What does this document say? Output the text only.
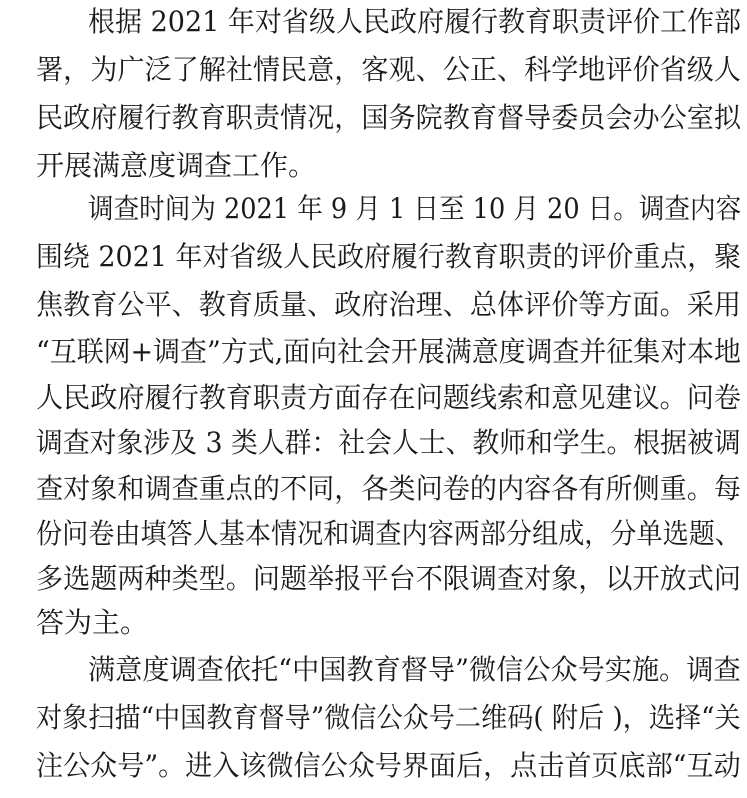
根据 2021 年对省级人民政府履行教育职责评价工作部
署，为广泛了解社情民意，客观、公正、科学地评价省级人
民政府履行教育职责情况，国务院教育督导委员会办公室拟
开展满意度调查工作。
调查时间为 2021 年 9 月 1 日至 10 月 20 日。调查内容
围绕 2021 年对省级人民政府履行教育职责的评价重点，聚
焦教育公平、教育质量、政府治理、总体评价等方面。采用
“互联网+调查”方式,面向社会开展满意度调查并征集对本地
人民政府履行教育职责方面存在问题线索和意见建议。问卷
调查对象涉及 3 类人群：社会人士、教师和学生。根据被调
查对象和调查重点的不同，各类问卷的内容各有所侧重。每
份问卷由填答人基本情况和调查内容两部分组成，分单选题、
多选题两种类型。问题举报平台不限调查对象，以开放式问
答为主。
满意度调查依托“中国教育督导”微信公众号实施。调查
对象扫描“中国教育督导”微信公众号二维码( 附后 )，选择“关
注公众号”。进入该微信公众号界面后，点击首页底部“互动
